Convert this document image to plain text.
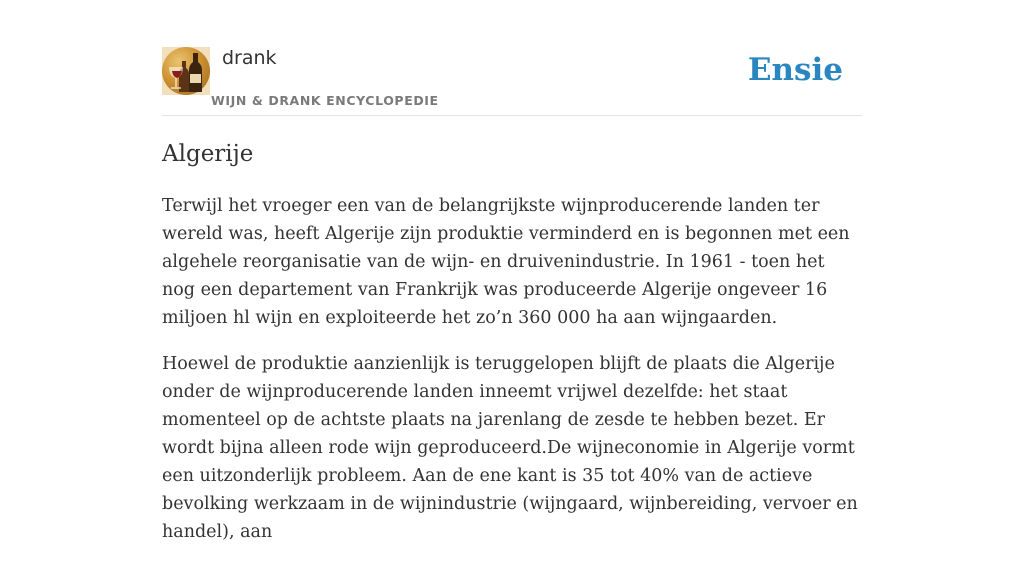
drank
WIJN & DRANK ENCYCLOPEDIE
Ensie
Algerije

Terwijl het vroeger een van de belangrijkste wijnproducerende landen ter wereld was, heeft Algerije zijn produktie verminderd en is begonnen met een algehele reorganisatie van de wijn- en druivenindustrie. In 1961 - toen het nog een departement van Frankrijk was produceerde Algerije ongeveer 16 miljoen hl wijn en exploiteerde het zo’n 360 000 ha aan wijngaarden.

Hoewel de produktie aanzienlijk is teruggelopen blijft de plaats die Algerije onder de wijnproducerende landen inneemt vrijwel dezelfde: het staat momenteel op de achtste plaats na jarenlang de zesde te hebben bezet. Er wordt bijna alleen rode wijn geproduceerd.De wijneconomie in Algerije vormt een uitzonderlijk probleem. Aan de ene kant is 35 tot 40% van de actieve bevolking werkzaam in de wijnindustrie (wijngaard, wijnbereiding, vervoer en handel), aan
